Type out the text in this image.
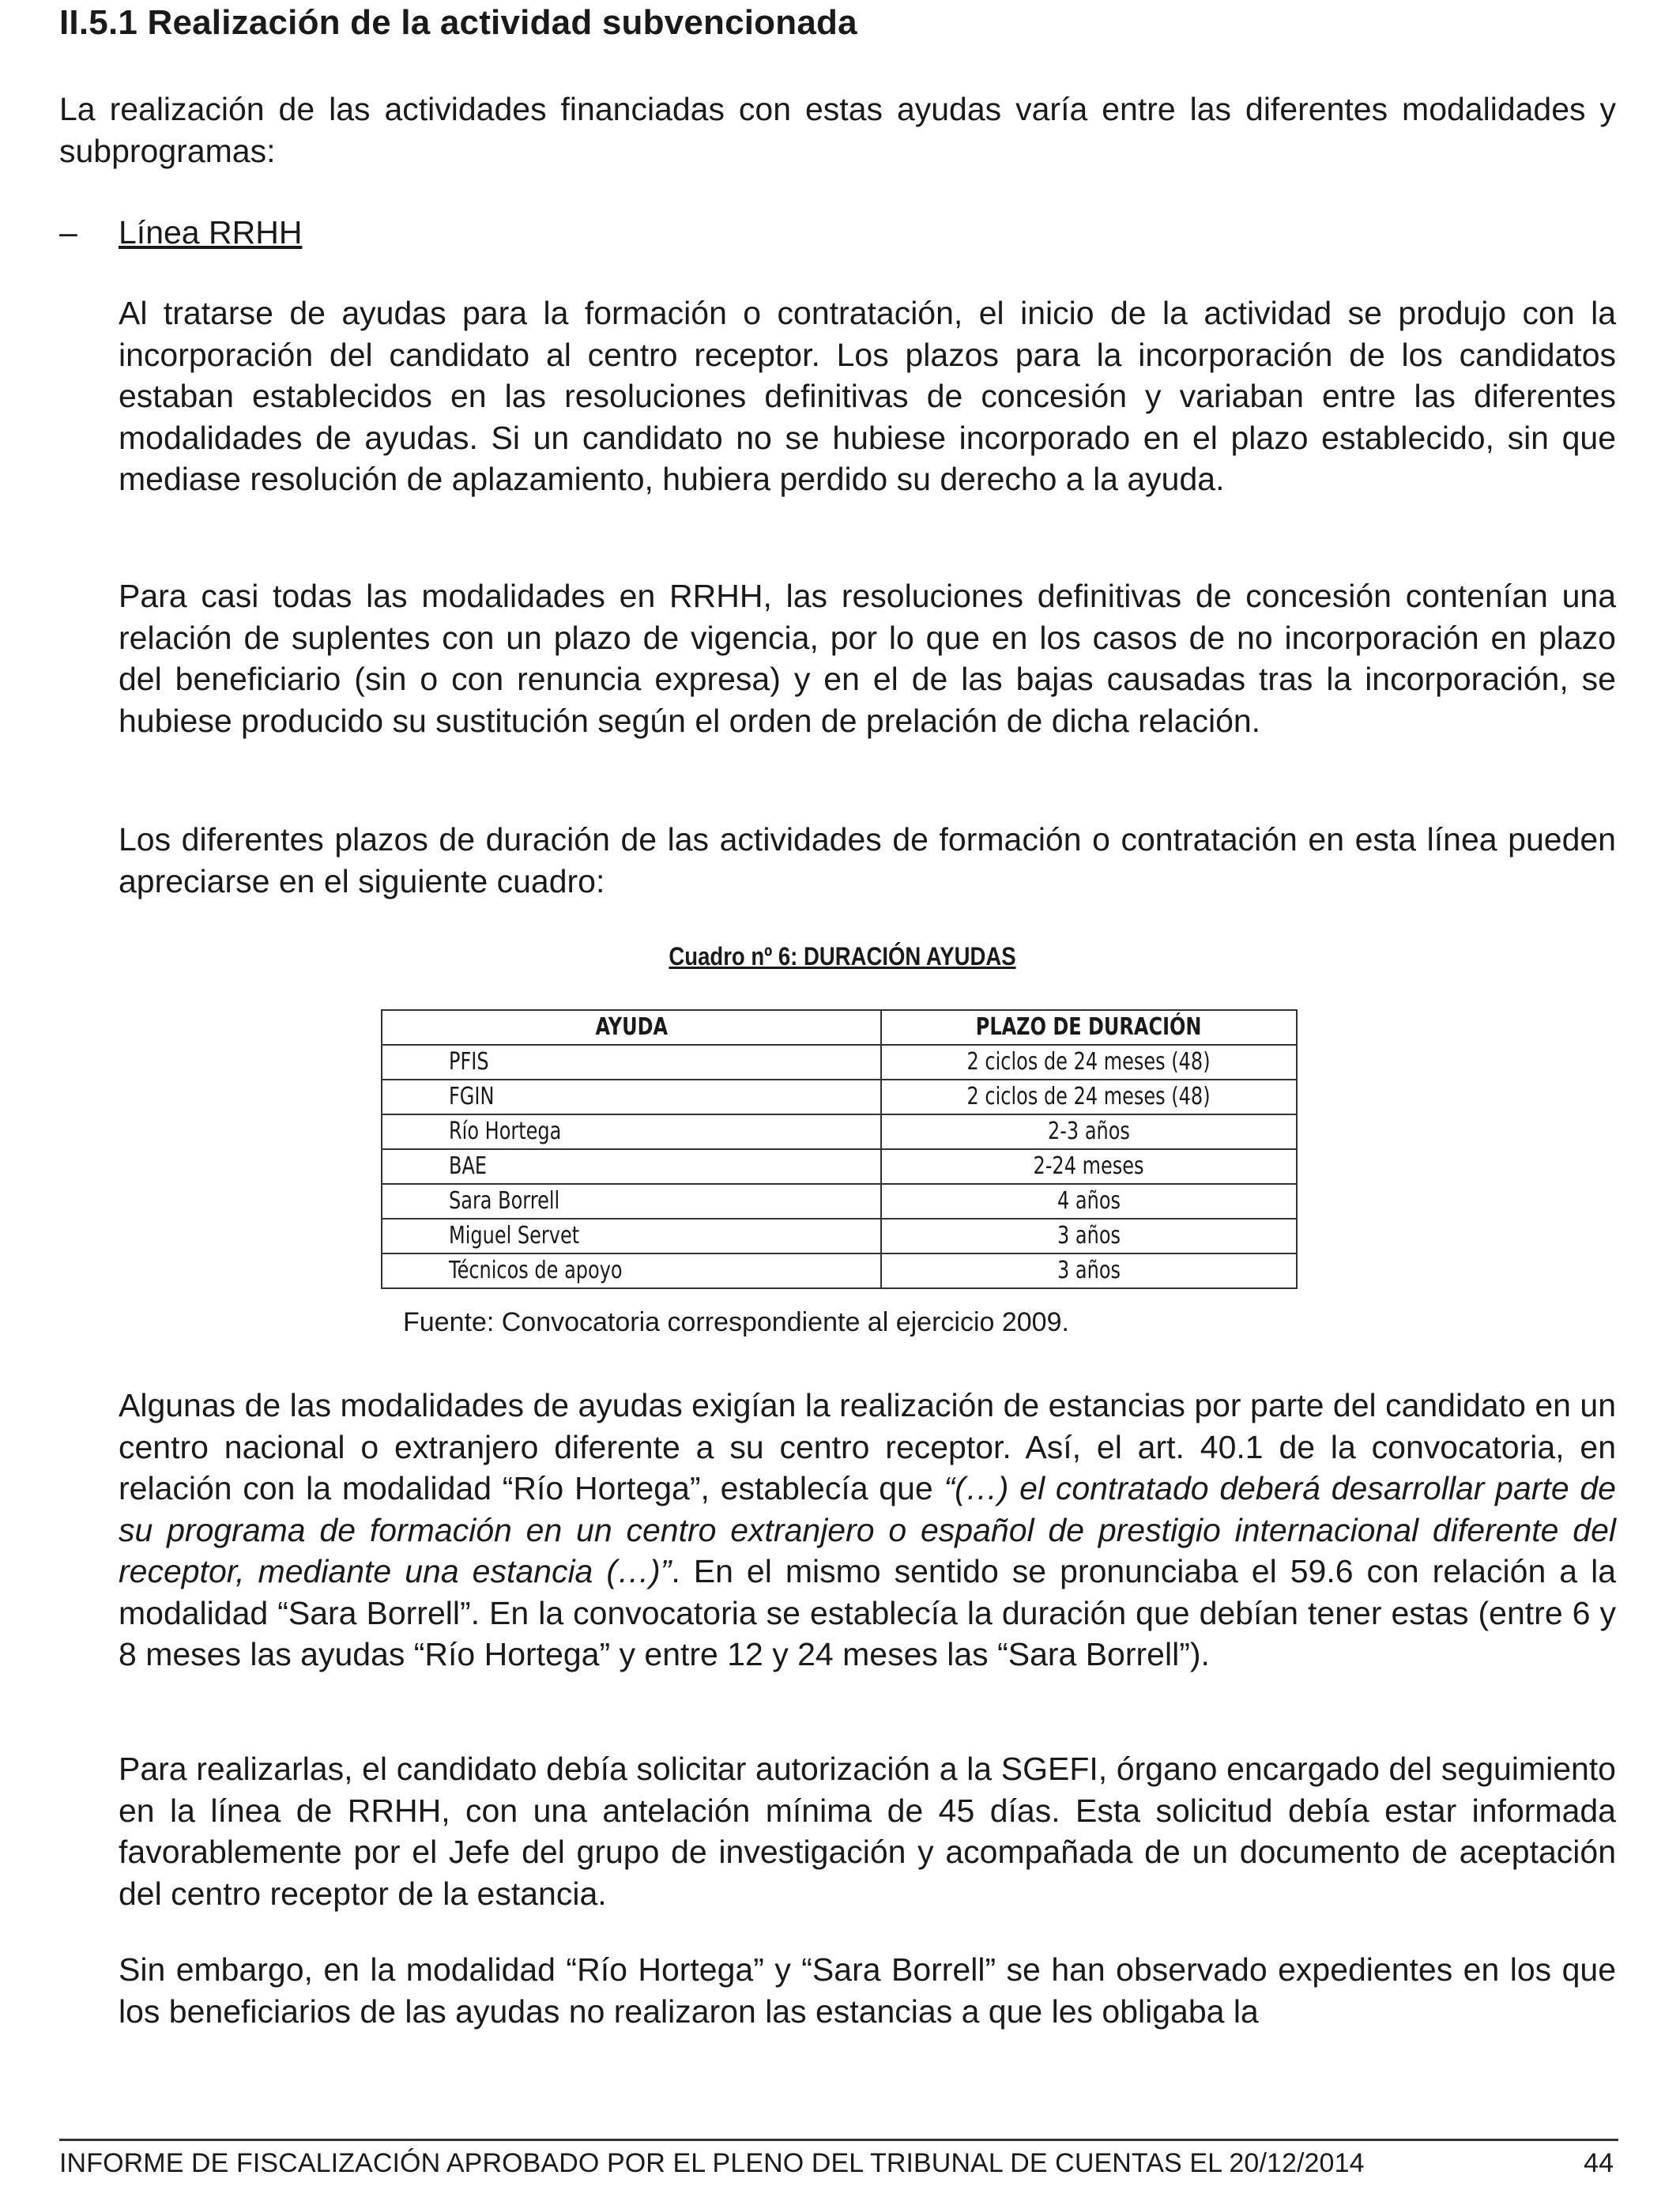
II.5.1 Realización de la actividad subvencionada

La realización de las actividades financiadas con estas ayudas varía entre las diferentes modalidades y subprogramas:

– Línea RRHH

Al tratarse de ayudas para la formación o contratación, el inicio de la actividad se produjo con la incorporación del candidato al centro receptor. Los plazos para la incorporación de los candidatos estaban establecidos en las resoluciones definitivas de concesión y variaban entre las diferentes modalidades de ayudas. Si un candidato no se hubiese incorporado en el plazo establecido, sin que mediase resolución de aplazamiento, hubiera perdido su derecho a la ayuda.

Para casi todas las modalidades en RRHH, las resoluciones definitivas de concesión contenían una relación de suplentes con un plazo de vigencia, por lo que en los casos de no incorporación en plazo del beneficiario (sin o con renuncia expresa) y en el de las bajas causadas tras la incorporación, se hubiese producido su sustitución según el orden de prelación de dicha relación.

Los diferentes plazos de duración de las actividades de formación o contratación en esta línea pueden apreciarse en el siguiente cuadro:

Cuadro nº 6: DURACIÓN AYUDAS
AYUDA	PLAZO DE DURACIÓN
PFIS	2 ciclos de 24 meses (48)
FGIN	2 ciclos de 24 meses (48)
Río Hortega	2-3 años
BAE	2-24 meses
Sara Borrell	4 años
Miguel Servet	3 años
Técnicos de apoyo	3 años
Fuente: Convocatoria correspondiente al ejercicio 2009.

Algunas de las modalidades de ayudas exigían la realización de estancias por parte del candidato en un centro nacional o extranjero diferente a su centro receptor. Así, el art. 40.1 de la convocatoria, en relación con la modalidad “Río Hortega”, establecía que “(…) el contratado deberá desarrollar parte de su programa de formación en un centro extranjero o español de prestigio internacional diferente del receptor, mediante una estancia (…)”. En el mismo sentido se pronunciaba el 59.6 con relación a la modalidad “Sara Borrell”. En la convocatoria se establecía la duración que debían tener estas (entre 6 y 8 meses las ayudas “Río Hortega” y entre 12 y 24 meses las “Sara Borrell”).

Para realizarlas, el candidato debía solicitar autorización a la SGEFI, órgano encargado del seguimiento en la línea de RRHH, con una antelación mínima de 45 días. Esta solicitud debía estar informada favorablemente por el Jefe del grupo de investigación y acompañada de un documento de aceptación del centro receptor de la estancia.

Sin embargo, en la modalidad “Río Hortega” y “Sara Borrell” se han observado expedientes en los que los beneficiarios de las ayudas no realizaron las estancias a que les obligaba la

INFORME DE FISCALIZACIÓN APROBADO POR EL PLENO DEL TRIBUNAL DE CUENTAS EL 20/12/2014	44
